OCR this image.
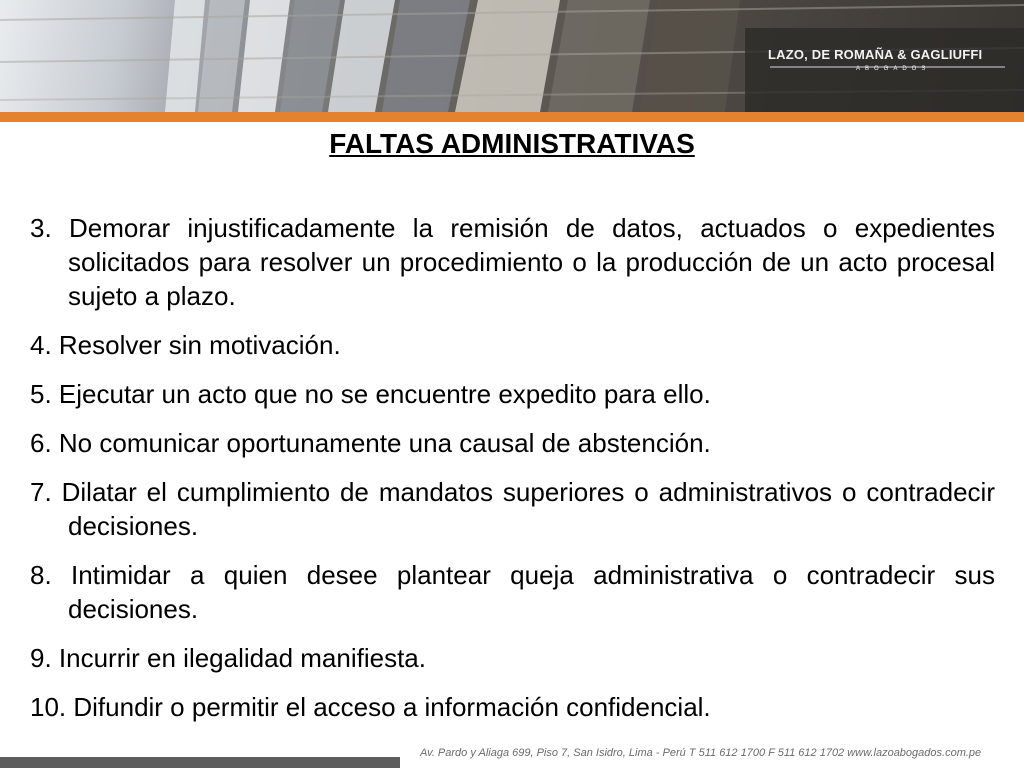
LAZO, DE ROMAÑA & GAGLIUFFI
ABOGADOS
FALTAS ADMINISTRATIVAS
3. Demorar injustificadamente la remisión de datos, actuados o expedientes solicitados para resolver un procedimiento o la producción de un acto procesal sujeto a plazo.
4. Resolver sin motivación.
5. Ejecutar un acto que no se encuentre expedito para ello.
6. No comunicar oportunamente una causal de abstención.
7. Dilatar el cumplimiento de mandatos superiores o administrativos o contradecir decisiones.
8. Intimidar a quien desee plantear queja administrativa o contradecir sus decisiones.
9. Incurrir en ilegalidad manifiesta.
10. Difundir o permitir el acceso a información confidencial.
Av. Pardo y Aliaga 699, Piso 7, San Isidro, Lima - Perú T 511 612 1700 F 511 612 1702 www.lazoabogados.com.pe
